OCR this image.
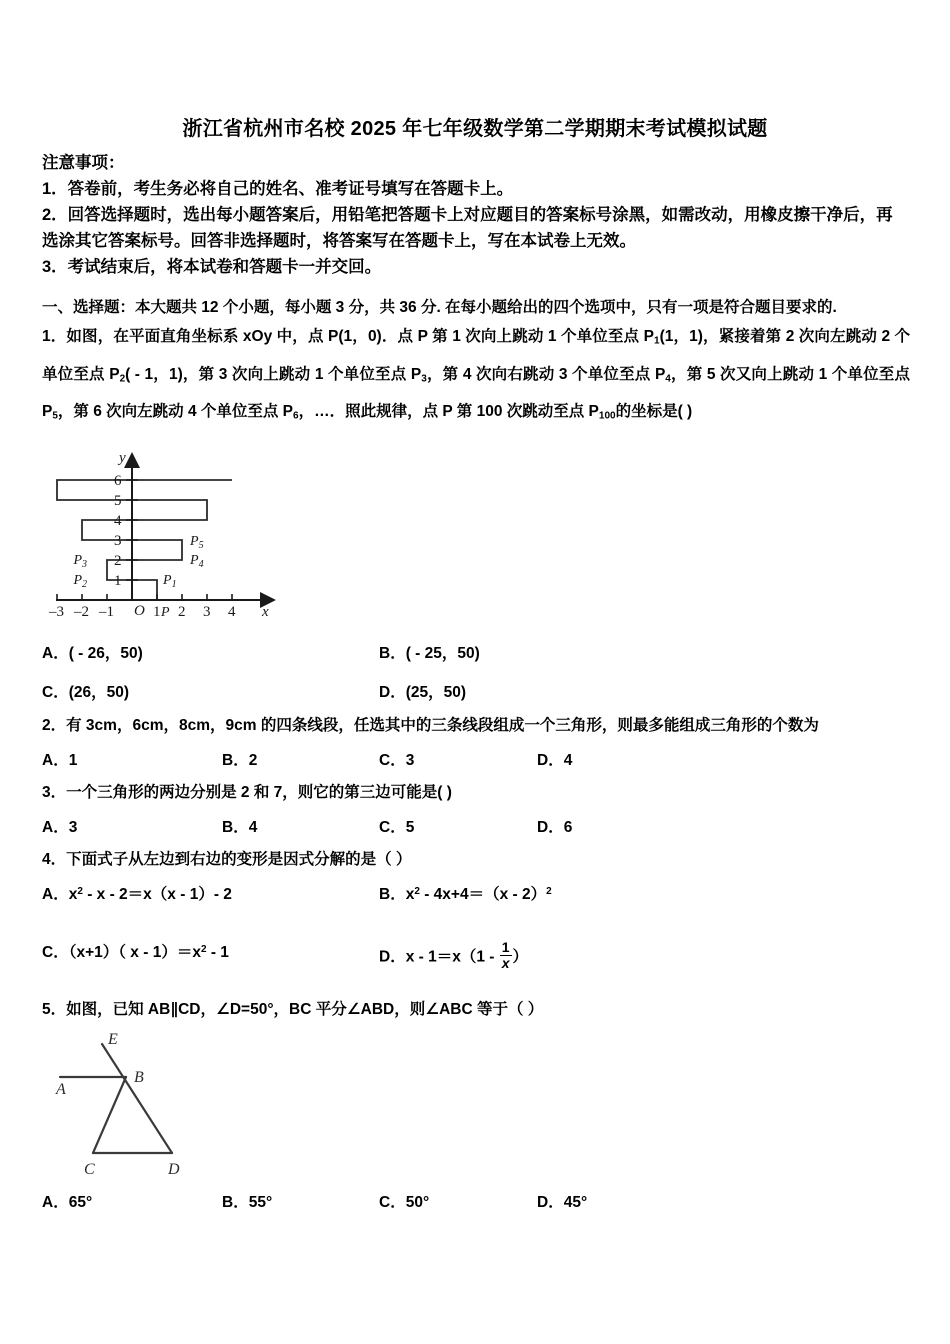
浙江省杭州市名校 2025 年七年级数学第二学期期末考试模拟试题
注意事项：
1．答卷前，考生务必将自己的姓名、准考证号填写在答题卡上。
2．回答选择题时，选出每小题答案后，用铅笔把答题卡上对应题目的答案标号涂黑，如需改动，用橡皮擦干净后，再选涂其它答案标号。回答非选择题时，将答案写在答题卡上，写在本试卷上无效。
3．考试结束后，将本试卷和答题卡一并交回。
一、选择题：本大题共 12 个小题，每小题 3 分，共 36 分. 在每小题给出的四个选项中，只有一项是符合题目要求的.
1．如图，在平面直角坐标系 xOy 中，点 P(1，0)．点 P 第 1 次向上跳动 1 个单位至点 $P_1(1$，1)，紧接着第 2 次向左跳动 2 个单位至点 $P_2( - 1$，1)，第 3 次向上跳动 1 个单位至点 $P_3$，第 4 次向右跳动 3 个单位至点 $P_4$，第 5 次又向上跳动 1 个单位至点 $P_5$，第 6 次向左跳动 4 个单位至点 $P_6$，…．照此规律，点 P 第 100 次跳动至点 $P_{100}$的坐标是( )
y
x
O
–3 –2 –1	1 2 3 4
1
2
3
4
5
6
P
$P_1$
$P_2$
$P_3$	$P_4$
$P_5$
A．( - 26，50)	B．( - 25，50)
C．(26，50)	D．(25，50)
2．有 3cm，6cm，8cm，9cm 的四条线段，任选其中的三条线段组成一个三角形，则最多能组成三角形的个数为
A．1	B．2	C．3	D．4
3．一个三角形的两边分别是 2 和 7，则它的第三边可能是( )
A．3	B．4	C．5	D．6
4．下面式子从左边到右边的变形是因式分解的是（ ）
A．$x^2 - x - 2=x(x - 1)-$ 2	B．$x^2 - 4x+4=(x - 2)^2$
C．（x+1）（ $x - 1)=x^2 - 1$	D．$x - 1=x(1 - \frac{1}{x}$ ）
5．如图，已知 AB∥CD，∠D=50°，BC 平分∠ABD，则∠ABC 等于（ ）
E
B
A
C	D
A．65°	B．55°	C．50°	D．45°
